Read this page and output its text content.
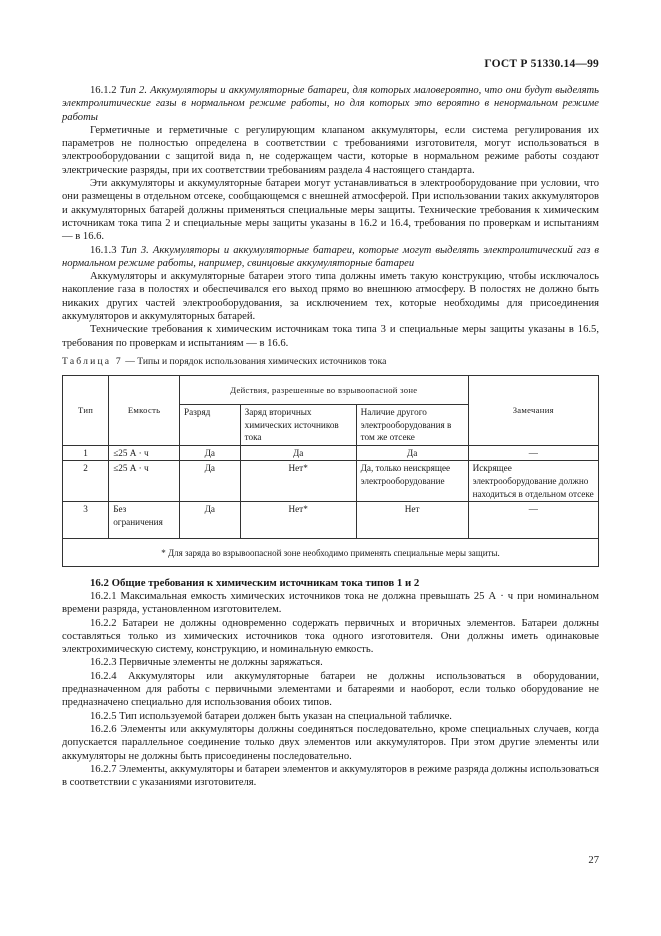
ГОСТ Р 51330.14—99

16.1.2 Тип 2. Аккумуляторы и аккумуляторные батареи, для которых маловероятно, что они будут выделять электролитические газы в нормальном режиме работы, но для которых это вероятно в ненормальном режиме работы

Герметичные и герметичные с регулирующим клапаном аккумуляторы, если система регулирования их параметров не полностью определена в соответствии с требованиями изготовителя, могут использоваться в электрооборудовании с защитой вида n, не содержащем части, которые в нормальном режиме работы создают электрические разряды, при их соответствии требованиям раздела 4 настоящего стандарта.

Эти аккумуляторы и аккумуляторные батареи могут устанавливаться в электрооборудование при условии, что они размещены в отдельном отсеке, сообщающемся с внешней атмосферой. При использовании таких аккумуляторов и аккумуляторных батарей должны применяться специальные меры защиты. Технические требования к химическим источникам тока типа 2 и специальные меры защиты указаны в 16.2 и 16.4, требования по проверкам и испытаниям — в 16.6.

16.1.3 Тип 3. Аккумуляторы и аккумуляторные батареи, которые могут выделять электролитический газ в нормальном режиме работы, например, свинцовые аккумуляторные батареи

Аккумуляторы и аккумуляторные батареи этого типа должны иметь такую конструкцию, чтобы исключалось накопление газа в полостях и обеспечивался его выход прямо во внешнюю атмосферу. В полостях не должно быть никаких других частей электрооборудования, за исключением тех, которые необходимы для присоединения аккумуляторов и аккумуляторных батарей.

Технические требования к химическим источникам тока типа 3 и специальные меры защиты указаны в 16.5, требования по проверкам и испытаниям — в 16.6.

Таблица 7 — Типы и порядок использования химических источников тока
Тип	Емкость	Действия, разрешенные во взрывоопасной зоне			Замечания
		Разряд	Заряд вторичных химических источников тока	Наличие другого электрооборудования в том же отсеке	
1	≤25 А · ч	Да	Да	Да	—
2	≤25 А · ч	Да	Нет*	Да, только неискрящее электрооборудование	Искрящее электрооборудование должно находиться в отдельном отсеке
3	Без ограничения	Да	Нет*	Нет	—
* Для заряда во взрывоопасной зоне необходимо применять специальные меры защиты.					
16.2 Общие требования к химическим источникам тока типов 1 и 2

16.2.1 Максимальная емкость химических источников тока не должна превышать 25 А · ч при номинальном времени разряда, установленном изготовителем.

16.2.2 Батареи не должны одновременно содержать первичных и вторичных элементов. Батареи должны составляться только из химических источников тока одного изготовителя. Они должны иметь одинаковые электрохимическую систему, конструкцию, и номинальную емкость.

16.2.3 Первичные элементы не должны заряжаться.

16.2.4 Аккумуляторы или аккумуляторные батареи не должны использоваться в оборудовании, предназначенном для работы с первичными элементами и батареями и наоборот, если только оборудование не предназначено специально для использования обоих типов.

16.2.5 Тип используемой батареи должен быть указан на специальной табличке.

16.2.6 Элементы или аккумуляторы должны соединяться последовательно, кроме специальных случаев, когда допускается параллельное соединение только двух элементов или аккумуляторов. При этом другие элементы или аккумуляторы не должны быть присоединены последовательно.

16.2.7 Элементы, аккумуляторы и батареи элементов и аккумуляторов в режиме разряда должны использоваться в соответствии с указаниями изготовителя.

27
